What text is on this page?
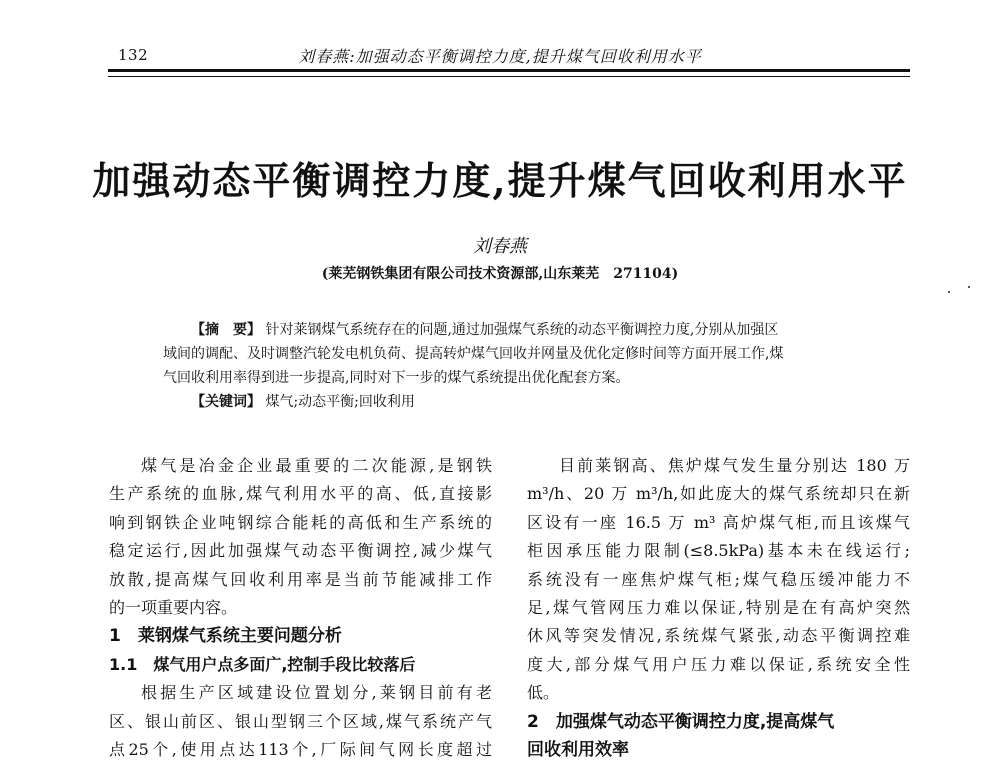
132	刘春燕:加强动态平衡调控力度,提升煤气回收利用水平
加强动态平衡调控力度,提升煤气回收利用水平
刘春燕
(莱芜钢铁集团有限公司技术资源部,山东莱芜　271104)
【摘　要】 针对莱钢煤气系统存在的问题,通过加强煤气系统的动态平衡调控力度,分别从加强区
域间的调配、及时调整汽轮发电机负荷、提高转炉煤气回收并网量及优化定修时间等方面开展工作,煤
气回收利用率得到进一步提高,同时对下一步的煤气系统提出优化配套方案。
【关键词】 煤气;动态平衡;回收利用
煤气是冶金企业最重要的二次能源,是钢铁
生产系统的血脉,煤气利用水平的高、低,直接影
响到钢铁企业吨钢综合能耗的高低和生产系统的
稳定运行,因此加强煤气动态平衡调控,减少煤气
放散,提高煤气回收利用率是当前节能减排工作
的一项重要内容。
1　莱钢煤气系统主要问题分析
1.1　煤气用户点多面广,控制手段比较落后
根据生产区域建设位置划分,莱钢目前有老
区、银山前区、银山型钢三个区域,煤气系统产气
点25个,使用点达113个,厂际间气网长度超过
目前莱钢高、焦炉煤气发生量分别达 180 万
m³/h、20 万 m³/h,如此庞大的煤气系统却只在新
区设有一座 16.5 万 m³ 高炉煤气柜,而且该煤气
柜因承压能力限制(≤8.5kPa)基本未在线运行;
系统没有一座焦炉煤气柜;煤气稳压缓冲能力不
足,煤气管网压力难以保证,特别是在有高炉突然
休风等突发情况,系统煤气紧张,动态平衡调控难
度大,部分煤气用户压力难以保证,系统安全性
低。
2　加强煤气动态平衡调控力度,提高煤气
回收利用效率
